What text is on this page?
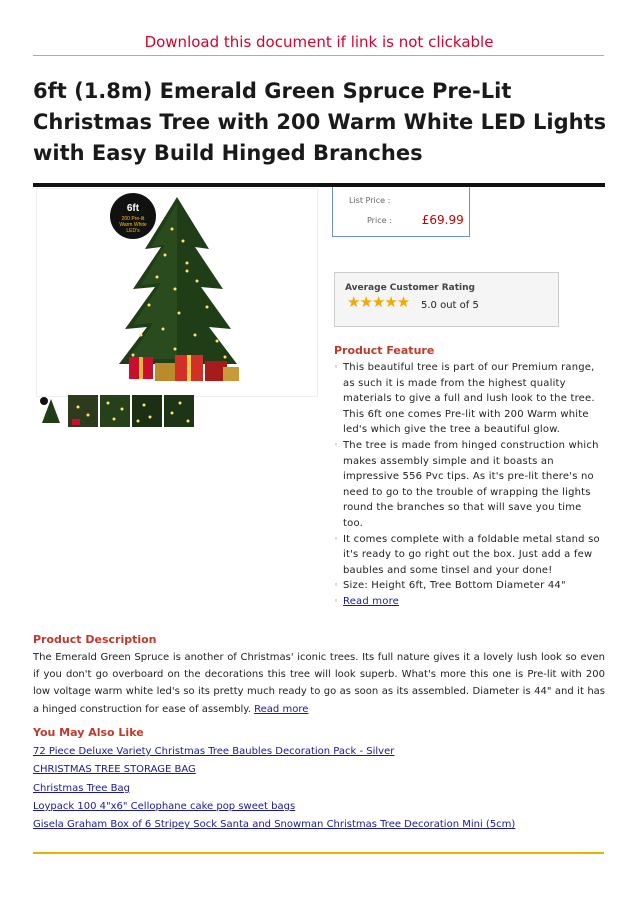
Download this document if link is not clickable
6ft (1.8m) Emerald Green Spruce Pre-Lit Christmas Tree with 200 Warm White LED Lights with Easy Build Hinged Branches
6ft
200 Pre-lit
Warm White
LED's
List Price :
Price :	£69.99
Average Customer Rating
★★★★★ 5.0 out of 5
Product Feature
◦ This beautiful tree is part of our Premium range, as such it is made from the highest quality materials to give a full and lush look to the tree. This 6ft one comes Pre-lit with 200 Warm white led's which give the tree a beautiful glow.
◦ The tree is made from hinged construction which makes assembly simple and it boasts an impressive 556 Pvc tips. As it's pre-lit there's no need to go to the trouble of wrapping the lights round the branches so that will save you time too.
◦ It comes complete with a foldable metal stand so it's ready to go right out the box. Just add a few baubles and some tinsel and your done!
◦ Size: Height 6ft, Tree Bottom Diameter 44"
◦ Read more
Product Description

The Emerald Green Spruce is another of Christmas' iconic trees. Its full nature gives it a lovely lush look so even if you don't go overboard on the decorations this tree will look superb. What's more this one is Pre-lit with 200 low voltage warm white led's so its pretty much ready to go as soon as its assembled. Diameter is 44" and it has a hinged construction for ease of assembly. Read more

You May Also Like
72 Piece Deluxe Variety Christmas Tree Baubles Decoration Pack - Silver
CHRISTMAS TREE STORAGE BAG
Christmas Tree Bag
Loypack 100 4"x6" Cellophane cake pop sweet bags
Gisela Graham Box of 6 Stripey Sock Santa and Snowman Christmas Tree Decoration Mini (5cm)
